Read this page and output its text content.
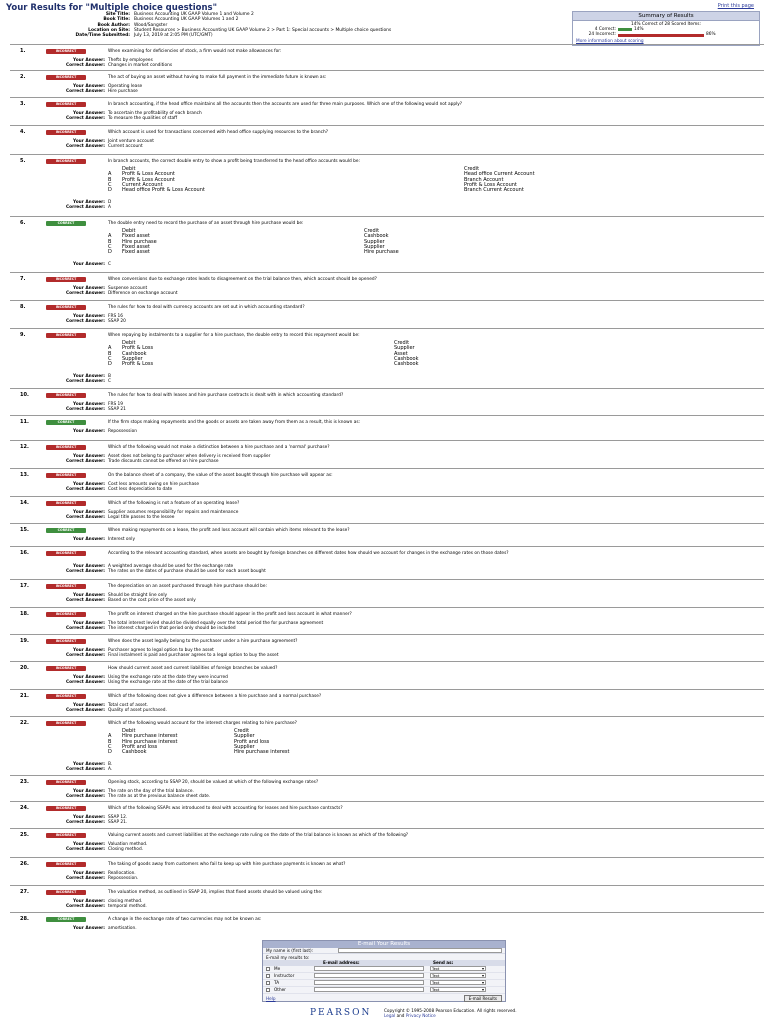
Your Results for "Multiple choice questions"	Print this page
Site Title: Business Accounting UK GAAP Volume 1 and Volume 2
Book Title: Business Accounting UK GAAP Volumes 1 and 2
Book Author: Wood/Sangster
Location on Site: Student Resources > Business Accounting UK GAAP Volume 2 > Part 1: Special accounts > Multiple choice questions
Date/Time Submitted: July 13, 2019 at 2:05 PM (UTC/GMT)
Summary of Results
14% Correct of 28 Scored Items:
4 Correct:	14%
24 Incorrect:	86%
More information about scoring
1.	INCORRECT	When examining for deficiencies of stock, a firm would not make allowances for:
Your Answer: Thefts by employees
Correct Answer: Changes in market conditions
2.	INCORRECT	The act of buying an asset without having to make full payment in the immediate future is known as:
Your Answer: Operating lease
Correct Answer: Hire purchase
3.	INCORRECT	In branch accounting, if the head office maintains all the accounts then the accounts are used for three main purposes. Which one of the following would not apply?
Your Answer: To ascertain the profitability of each branch
Correct Answer: To measure the qualities of staff
4.	INCORRECT	Which account is used for transactions concerned with head office supplying resources to the branch?
Your Answer: Joint venture account
Correct Answer: Current account
5.	INCORRECT	In branch accounts, the correct double entry to show a profit being transferred to the head office accounts would be:
Debit	Credit
A Profit & Loss Account	Head office Current Account
B Profit & Loss Account	Branch Account
C Current Account	Profit & Loss Account
D Head office Profit & Loss Account	Branch Current Account
Your Answer: D
Correct Answer: A
6.	CORRECT	The double entry need to record the purchase of an asset through hire purchase would be:
Debit	Credit
A Fixed asset	Cashbook
B Hire purchase	Supplier
C Fixed asset	Supplier
D Fixed asset	Hire purchase
Your Answer: C
7.	INCORRECT	When conversions due to exchange rates leads to disagreement on the trial balance then, which account should be opened?
Your Answer: Suspense account
Correct Answer: Difference on exchange account
8.	INCORRECT	The rules for how to deal with currency accounts are set out in which accounting standard?
Your Answer: FRS 16
Correct Answer: SSAP 20
9.	INCORRECT	When repaying by instalments to a supplier for a hire purchase, the double entry to record this repayment would be:
Debit	Credit
A Profit & Loss	Supplier
B Cashbook	Asset
C Supplier	Cashbook
D Profit & Loss	Cashbook
Your Answer: B
Correct Answer: C
10.	INCORRECT	The rules for how to deal with leases and hire purchase contracts is dealt with in which accounting standard?
Your Answer: FRS 19
Correct Answer: SSAP 21
11.	CORRECT	If the firm stops making repayments and the goods or assets are taken away from them as a result, this is known as:
Your Answer: Repossession
12.	INCORRECT	Which of the following would not make a distinction between a hire purchase and a 'normal' purchase?
Your Answer: Asset does not belong to purchaser when delivery is received from supplier
Correct Answer: Trade discounts cannot be offered on hire purchase
13.	INCORRECT	On the balance sheet of a company, the value of the asset bought through hire purchase will appear as:
Your Answer: Cost less amounts owing on hire purchase
Correct Answer: Cost less depreciation to date
14.	INCORRECT	Which of the following is not a feature of an operating lease?
Your Answer: Supplier assumes responsibility for repairs and maintenance
Correct Answer: Legal title passes to the lessee
15.	CORRECT	When making repayments on a lease, the profit and loss account will contain which items relevant to the lease?
Your Answer: Interest only
16.	INCORRECT	According to the relevant accounting standard, when assets are bought by foreign branches on different dates how should we account for changes in the exchange rates on those dates?
Your Answer: A weighted average should be used for the exchange rate
Correct Answer: The rates on the dates of purchase should be used for each asset bought
17.	INCORRECT	The depreciation on an asset purchased through hire purchase should be:
Your Answer: Should be straight line only
Correct Answer: Based on the cost price of the asset only
18.	INCORRECT	The profit on interest charged on the hire purchase should appear in the profit and loss account in what manner?
Your Answer: The total interest levied should be divided equally over the total period the for purchase agreement
Correct Answer: The interest charged in that period only should be included
19.	INCORRECT	When does the asset legally belong to the purchaser under a hire purchase agreement?
Your Answer: Purchaser agrees to legal option to buy the asset
Correct Answer: Final instalment is paid and purchaser agrees to a legal option to buy the asset
20.	INCORRECT	How should current asset and current liabilities of foreign branches be valued?
Your Answer: Using the exchange rate at the date they were incurred
Correct Answer: Using the exchange rate at the date of the trial balance
21.	INCORRECT	Which of the following does not give a difference between a hire purchase and a normal purchase?
Your Answer: Total cost of asset.
Correct Answer: Quality of asset purchased.
22.	INCORRECT	Which of the following would account for the interest charges relating to hire purchase?
Debit	Credit
A Hire purchase interest	Supplier
B Hire purchase interest	Profit and loss
C Profit and loss	Supplier
D Cashbook	Hire purchase interest
Your Answer: B.
Correct Answer: A.
23.	INCORRECT	Opening stock, according to SSAP 20, should be valued at which of the following exchange rates?
Your Answer: The rate on the day of the trial balance.
Correct Answer: The rate as at the previous balance sheet date.
24.	INCORRECT	Which of the following SSAPs was introduced to deal with accounting for leases and hire purchase contracts?
Your Answer: SSAP 12.
Correct Answer: SSAP 21.
25.	INCORRECT	Valuing current assets and current liabilities at the exchange rate ruling on the date of the trial balance is known as which of the following?
Your Answer: Valuation method.
Correct Answer: Closing method.
26.	INCORRECT	The taking of goods away from customers who fail to keep up with hire purchase payments is known as what?
Your Answer: Reallocation.
Correct Answer: Repossession.
27.	INCORRECT	The valuation method, as outlined in SSAP 20, implies that fixed assets should be valued using the:
Your Answer: closing method.
Correct Answer: temporal method.
28.	CORRECT	A change in the exchange rate of two currencies may not be known as:
Your Answer: amortisation.
E-mail Your Results
My name is (first last):
E-mail my results to:
E-mail address:	Send as:
Me	Text ▾
Instructor	Text ▾
TA	Text ▾
Other	Text ▾
Help	E-mail Results
PEARSON	Copyright © 1995-2008 Pearson Education. All rights reserved.
Legal and Privacy Notice
